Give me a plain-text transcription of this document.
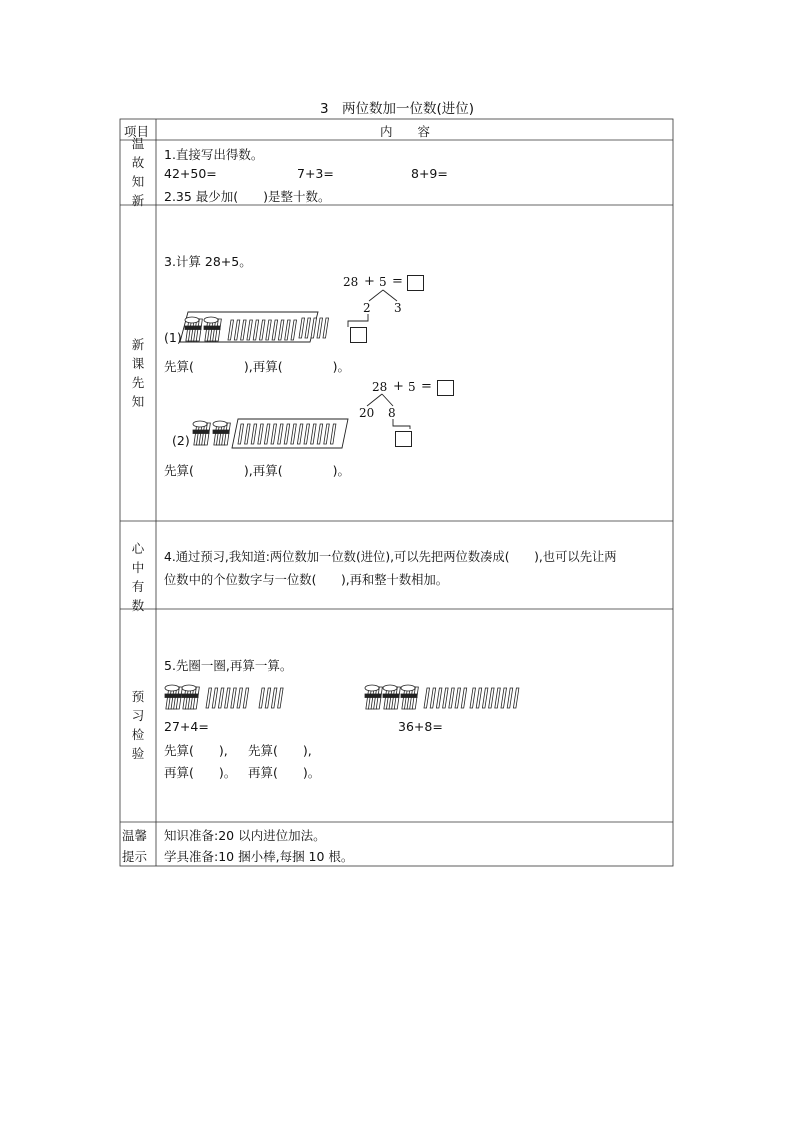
3　两位数加一位数(进位)
项目	内　　容
温
故
知
新
1.直接写出得数。
42+50=	7+3=	8+9=
2.35 最少加(　　)是整十数。
新
课
先
知
3.计算 28+5。
28 + 5 =
2 3
(1)
先算(　　　　),再算(　　　　)。
28 + 5 =
20 8
(2)
先算(　　　　),再算(　　　　)。
心
中
有
数
4.通过预习,我知道:两位数加一位数(进位),可以先把两位数凑成(　　),也可以先让两
位数中的个位数字与一位数(　　),再和整十数相加。
预
习
检
验
5.先圈一圈,再算一算。
27+4=	36+8=
先算(　　), 先算(　　),
再算(　　)。 再算(　　)。
温馨
提示
知识准备:20 以内进位加法。
学具准备:10 捆小棒,每捆 10 根。
